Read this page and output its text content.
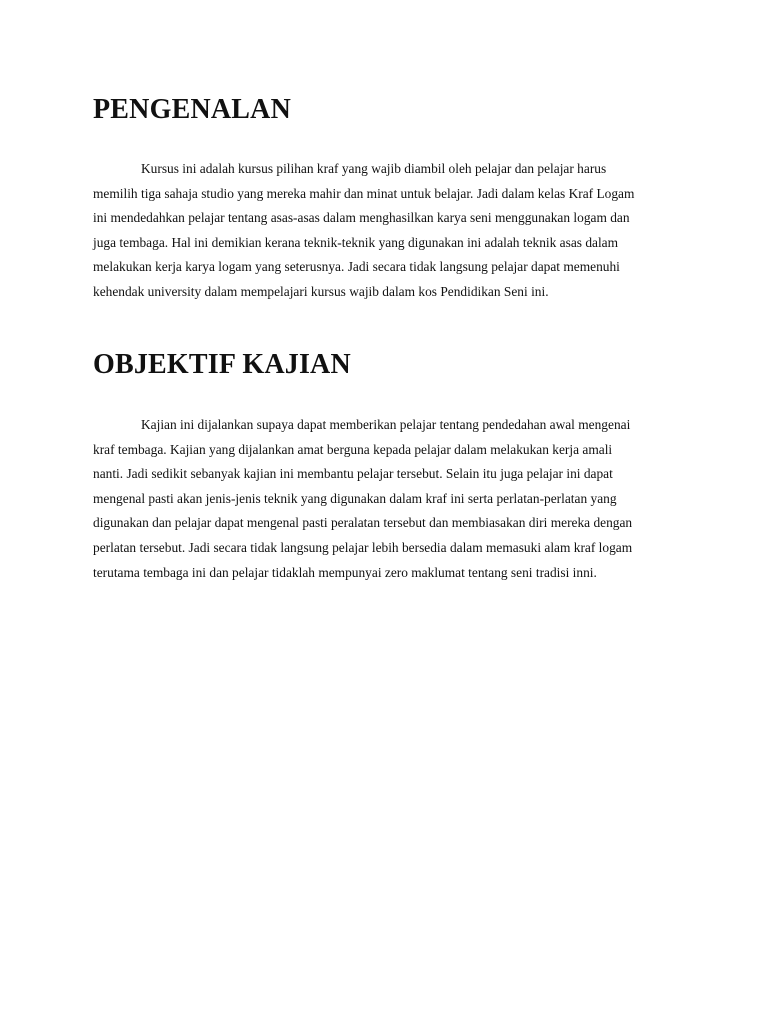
PENGENALAN
Kursus ini adalah kursus pilihan kraf yang wajib diambil oleh pelajar dan pelajar harus
memilih tiga sahaja studio yang mereka mahir dan minat untuk belajar. Jadi dalam kelas Kraf Logam
ini mendedahkan pelajar tentang asas-asas dalam menghasilkan karya seni menggunakan logam dan
juga tembaga. Hal ini demikian kerana teknik-teknik yang digunakan ini adalah teknik asas dalam
melakukan kerja karya logam yang seterusnya. Jadi secara tidak langsung pelajar dapat memenuhi
kehendak university dalam mempelajari kursus wajib dalam kos Pendidikan Seni ini.
OBJEKTIF KAJIAN
Kajian ini dijalankan supaya dapat memberikan pelajar tentang pendedahan awal mengenai
kraf tembaga. Kajian yang dijalankan amat berguna kepada pelajar dalam melakukan kerja amali
nanti. Jadi sedikit sebanyak kajian ini membantu pelajar tersebut. Selain itu juga pelajar ini dapat
mengenal pasti akan jenis-jenis teknik yang digunakan dalam kraf ini serta perlatan-perlatan yang
digunakan dan pelajar dapat mengenal pasti peralatan tersebut dan membiasakan diri mereka dengan
perlatan tersebut. Jadi secara tidak langsung pelajar lebih bersedia dalam memasuki alam kraf logam
terutama tembaga ini dan pelajar tidaklah mempunyai zero maklumat tentang seni tradisi inni.
